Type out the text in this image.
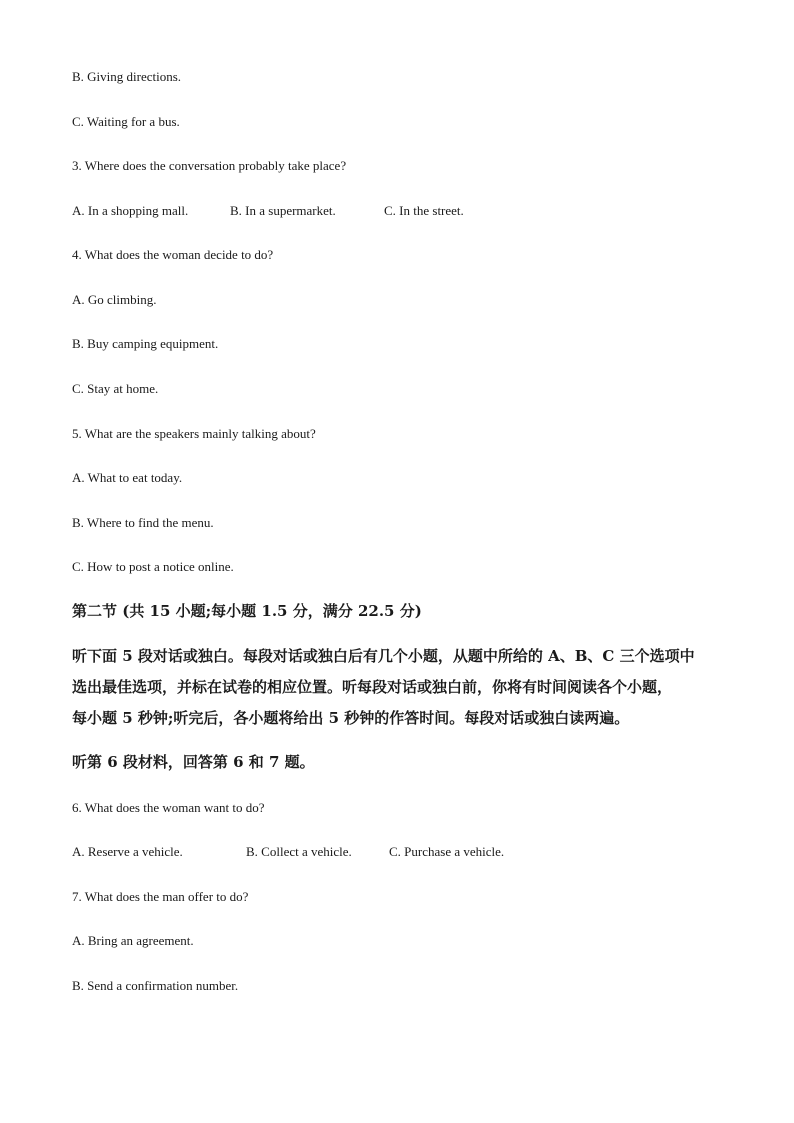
B. Giving directions.
C. Waiting for a bus.
3. Where does the conversation probably take place?
A. In a shopping mall.	B. In a supermarket.	C. In the street.
4. What does the woman decide to do?
A. Go climbing.
B. Buy camping equipment.
C. Stay at home.
5. What are the speakers mainly talking about?
A. What to eat today.
B. Where to find the menu.
C. How to post a notice online.
第二节 (共 15 小题;每小题 1.5 分，满分 22.5 分)
听下面 5 段对话或独白。每段对话或独白后有几个小题，从题中所给的 A、B、C 三个选项中
选出最佳选项，并标在试卷的相应位置。听每段对话或独白前，你将有时间阅读各个小题，
每小题 5 秒钟;听完后，各小题将给出 5 秒钟的作答时间。每段对话或独白读两遍。
听第 6 段材料，回答第 6 和 7 题。
6. What does the woman want to do?
A. Reserve a vehicle.	B. Collect a vehicle.	C. Purchase a vehicle.
7. What does the man offer to do?
A. Bring an agreement.
B. Send a confirmation number.
